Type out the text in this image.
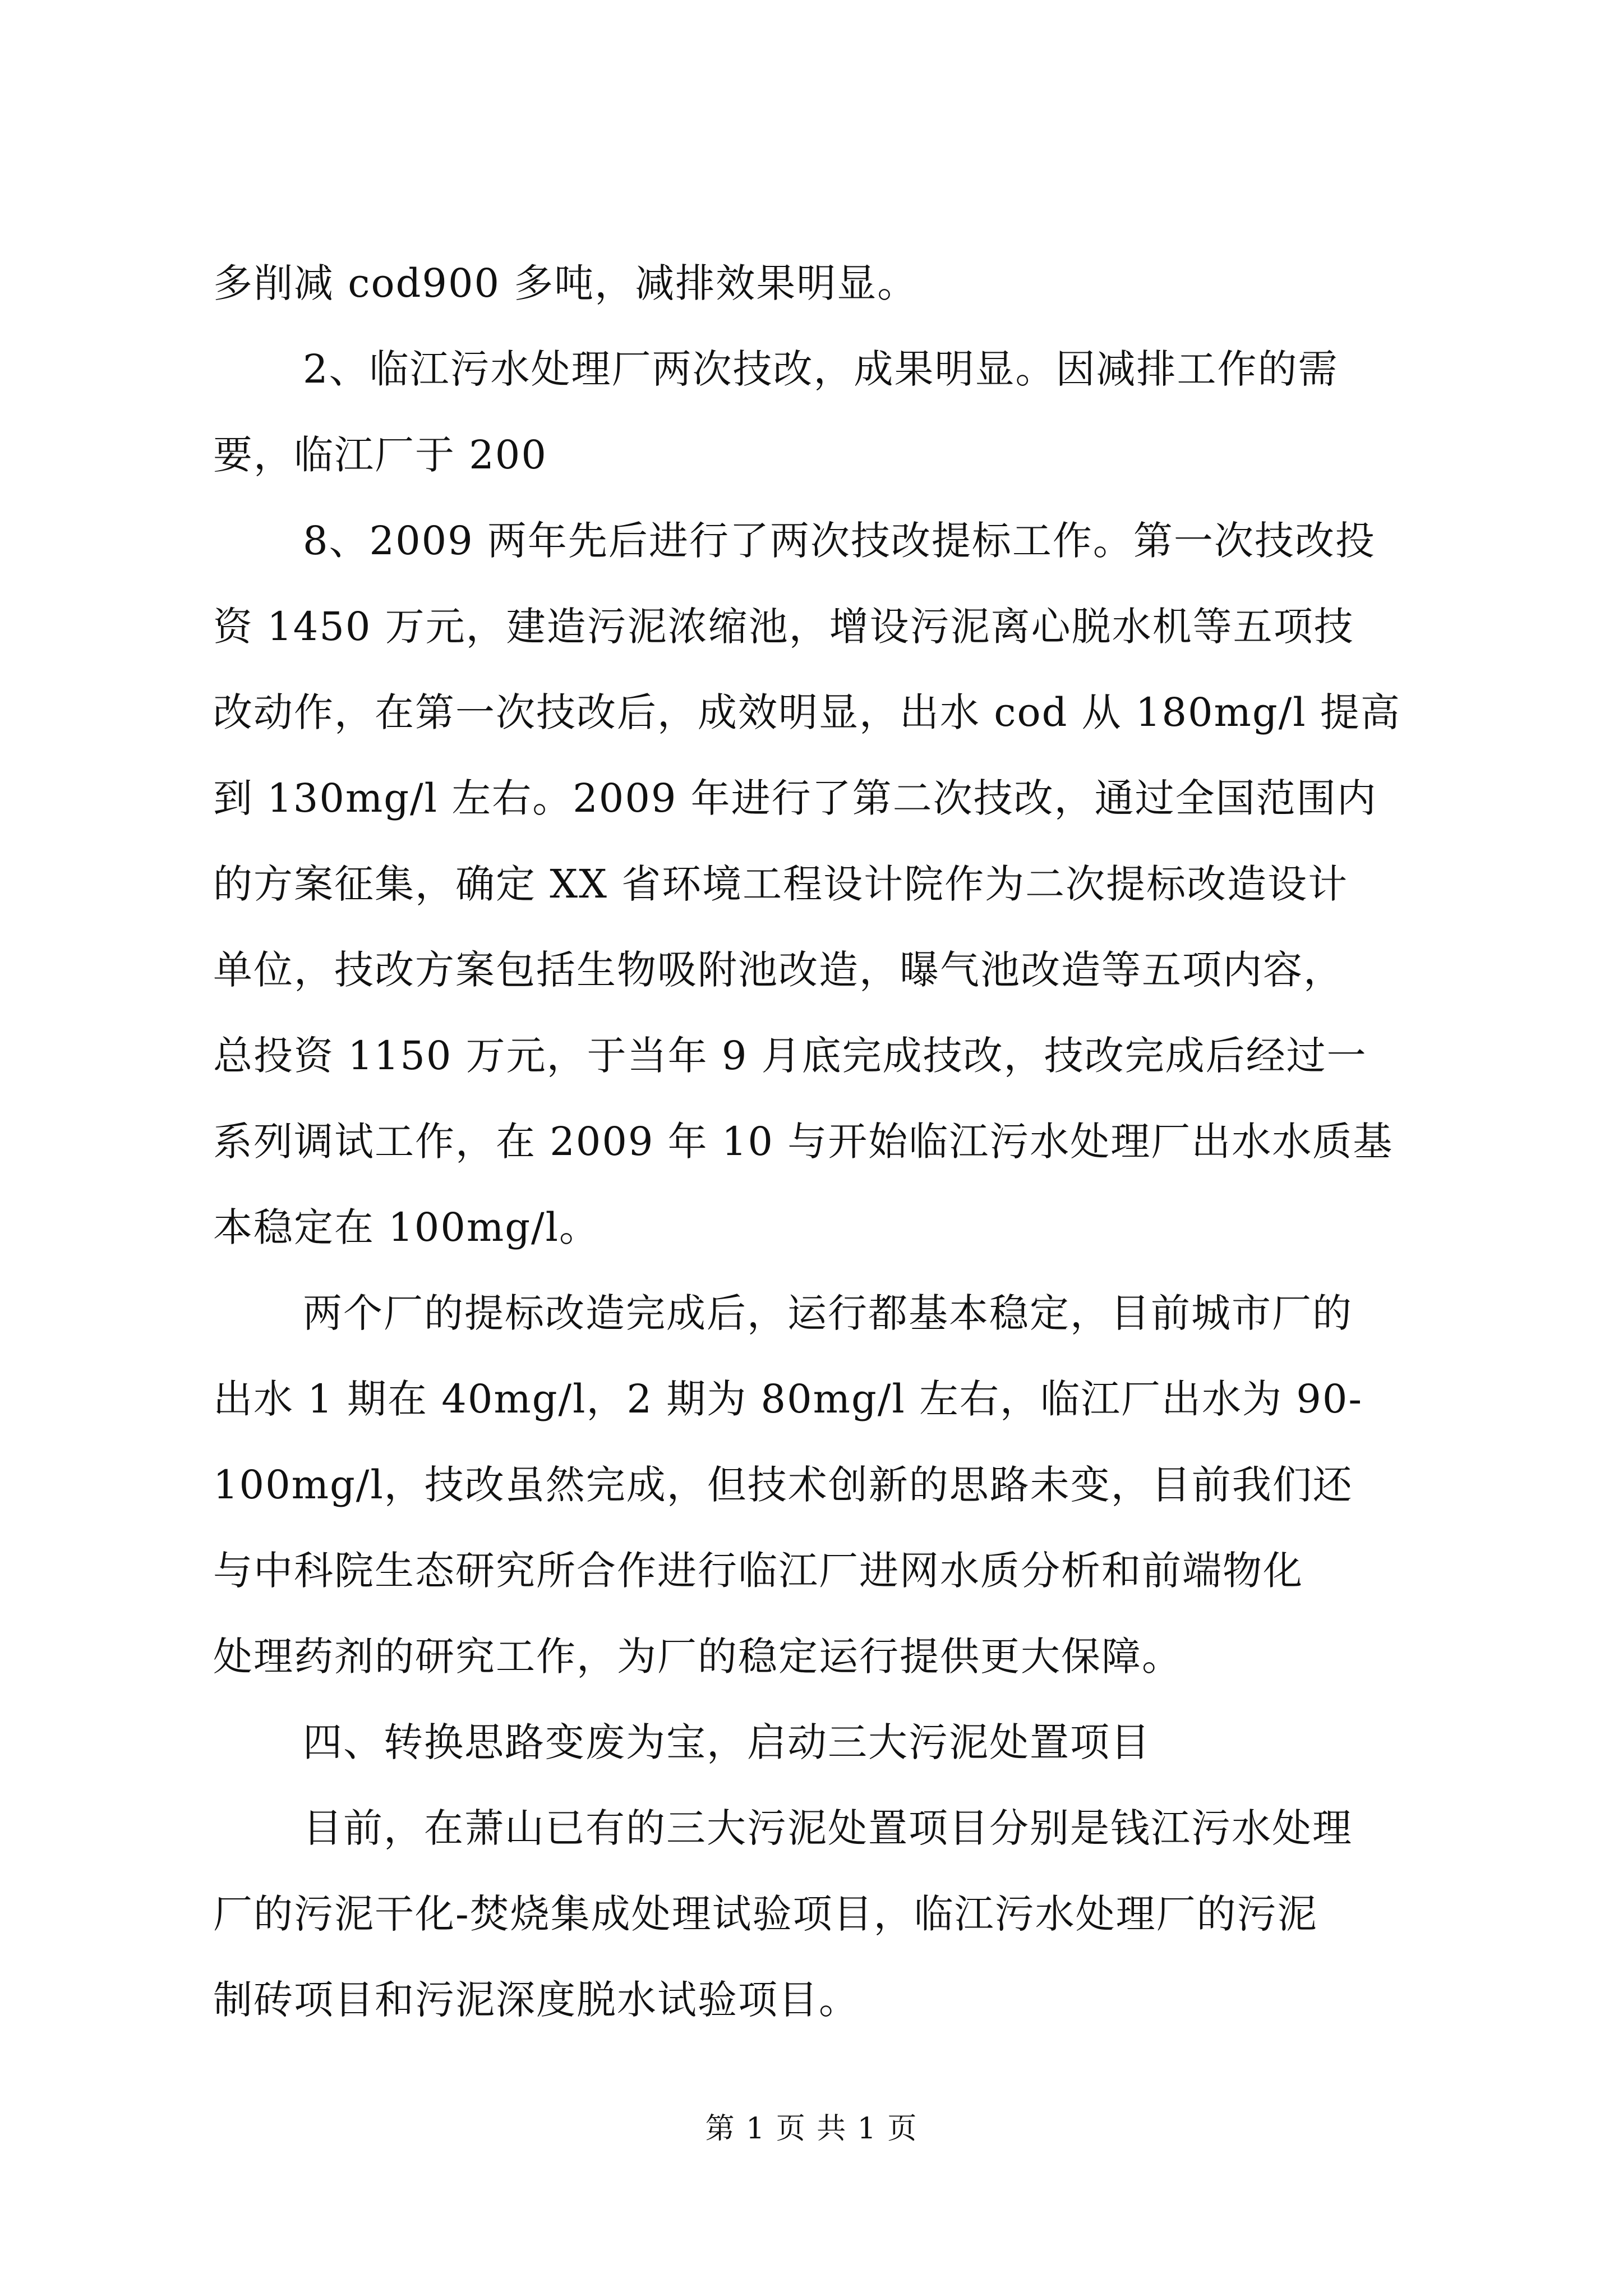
多削减 cod900 多吨，减排效果明显。
2、临江污水处理厂两次技改，成果明显。因减排工作的需
要，临江厂于 200
8、2009 两年先后进行了两次技改提标工作。第一次技改投
资 1450 万元，建造污泥浓缩池，增设污泥离心脱水机等五项技
改动作，在第一次技改后，成效明显，出水 cod 从 180mg/l 提高
到 130mg/l 左右。2009 年进行了第二次技改，通过全国范围内
的方案征集，确定 XX 省环境工程设计院作为二次提标改造设计
单位，技改方案包括生物吸附池改造，曝气池改造等五项内容，
总投资 1150 万元，于当年 9 月底完成技改，技改完成后经过一
系列调试工作，在 2009 年 10 与开始临江污水处理厂出水水质基
本稳定在 100mg/l。
两个厂的提标改造完成后，运行都基本稳定，目前城市厂的
出水 1 期在 40mg/l，2 期为 80mg/l 左右，临江厂出水为 90-
100mg/l，技改虽然完成，但技术创新的思路未变，目前我们还
与中科院生态研究所合作进行临江厂进网水质分析和前端物化
处理药剂的研究工作，为厂的稳定运行提供更大保障。
四、转换思路变废为宝，启动三大污泥处置项目
目前，在萧山已有的三大污泥处置项目分别是钱江污水处理
厂的污泥干化-焚烧集成处理试验项目，临江污水处理厂的污泥
制砖项目和污泥深度脱水试验项目。
第 1 页 共 1 页
